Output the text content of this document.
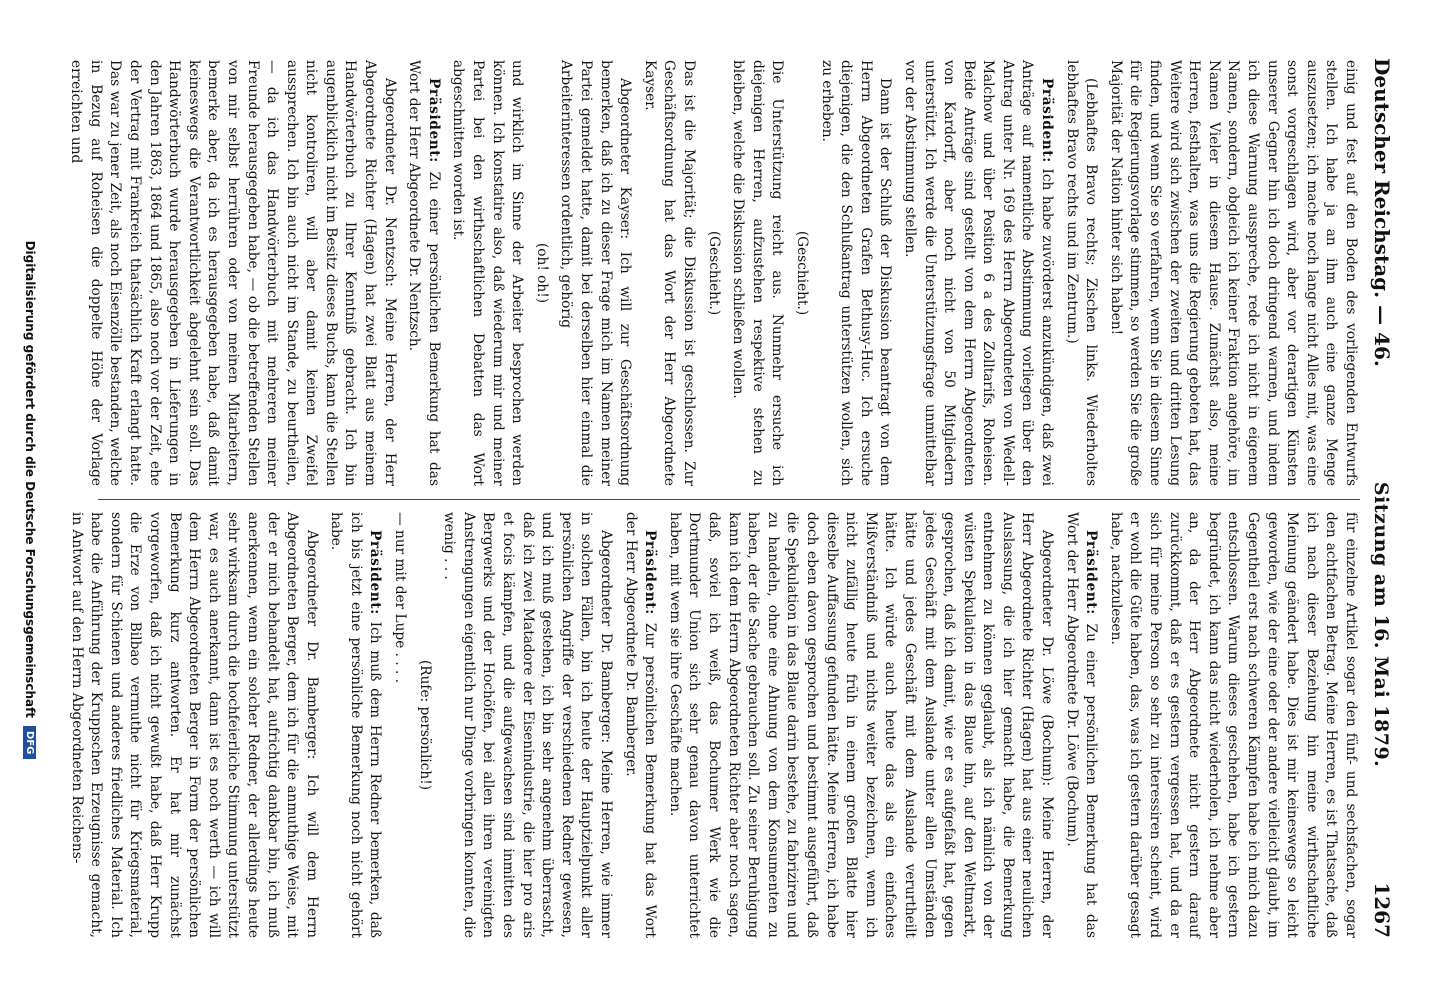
Deutscher Reichstag. — 46.
Sitzung am 16. Mai 1879.
1267

einig und fest auf den Boden des vorliegenden Entwurfs stellen. Ich habe ja an ihm auch eine ganze Menge auszusetzen; ich mache noch lange nicht Alles mit, was eine sonst vorgeschlagen wird, aber vor derartigen Künsten unserer Gegner hin ich doch dringend warnen, und indem ich diese Warnung ausspreche, rede ich nicht in eigenem Namen, sondern, obgleich ich keiner Fraktion angehöre, im Namen Vieler in diesem Hause. Zunächst also, meine Herren, festhalten, was uns die Regierung geboten hat, das Weitere wird sich zwischen der zweiten und dritten Lesung finden, und wenn Sie so verfahren, wenn Sie in diesem Sinne für die Regierungsvorlage stimmen, so werden Sie die große Majorität der Nation hinter sich haben!

(Lebhaftes Bravo rechts; Zischen links. Wiederholtes lebhaftes Bravo rechts und im Zentrum.)

Präsident: Ich habe zuvörderst anzukündigen, daß zwei Anträge auf namentliche Abstimmung vorliegen über den Antrag unter Nr. 169 des Herrn Abgeordneten von Wedell-Malchow und über Position 6 a des Zolltarifs, Roheisen. Beide Anträge sind gestellt von dem Herrn Abgeordneten von Kardorff, aber noch nicht von 50 Mitgliedern unterstützt. Ich werde die Unterstützungsfrage unmittelbar vor der Abstimmung stellen.

Dann ist der Schluß der Diskussion beantragt von dem Herrn Abgeordneten Grafen Bethusy-Huc. Ich ersuche diejenigen, die den Schlußantrag unterstützen wollen, sich zu erheben.

(Geschieht.)

Die Unterstützung reicht aus. Nunmehr ersuche ich diejenigen Herren, aufzustehen respektive stehen zu bleiben, welche die Diskussion schließen wollen.

(Geschieht.)

Das ist die Majorität; die Diskussion ist geschlossen. Zur Geschäftsordnung hat das Wort der Herr Abgeordnete Kayser.

Abgeordneter Kayser: Ich will zur Geschäftsordnung bemerken, daß ich zu dieser Frage mich im Namen meiner Partei gemeldet hatte, damit bei derselben hier einmal die Arbeiterinteressen ordentlich, gehörig

(oh! oh!)

und wirklich im Sinne der Arbeiter besprochen werden können. Ich konstatire also, daß wiederum mir und meiner Partei bei den wirthschaftlichen Debatten das Wort abgeschnitten worden ist.

Präsident: Zu einer persönlichen Bemerkung hat das Wort der Herr Abgeordnete Dr. Nentzsch.

Abgeordneter Dr. Nentzsch: Meine Herren, der Herr Abgeordnete Richter (Hagen) hat zwei Blatt aus meinem Handwörterbuch zu Ihrer Kenntniß gebracht. Ich bin augenblicklich nicht im Besitz dieses Buchs, kann die Stellen nicht kontroliren, will aber damit keinen Zweifel aussprechen. Ich bin auch nicht im Stande, zu beurtheilen, — da ich das Handwörterbuch mit mehreren meiner Freunde herausgegeben habe, — ob die betreffenden Stellen von mir selbst herrühren oder von meinen Mitarbeitern, bemerke aber, da ich es herausgegeben habe, daß damit keineswegs die Verantwortlichkeit abgelehnt sein soll. Das Handwörterbuch wurde herausgegeben in Lieferungen in den Jahren 1863, 1864 und 1865, also noch vor der Zeit, ehe der Vertrag mit Frankreich thatsächlich Kraft erlangt hatte. Das war zu jener Zeit, als noch Eisenzölle bestanden, welche in Bezug auf Roheisen die doppelte Höhe der Vorlage erreichten und

für einzelne Artikel sogar den fünf- und sechsfachen, sogar den achtfachen Betrag. Meine Herren, es ist Thatsache, daß ich nach dieser Beziehung hin meine wirthschaftliche Meinung geändert habe. Dies ist mir keineswegs so leicht geworden, wie der eine oder der andere vielleicht glaubt, im Gegentheil erst nach schweren Kämpfen habe ich mich dazu entschlossen. Warum dieses geschehen, habe ich gestern begründet, ich kann das nicht wiederholen, ich nehme aber an, da der Herr Abgeordnete nicht gestern darauf zurückkommt, daß er es gestern vergessen hat, und da er sich für meine Person so sehr zu interessiren scheint, wird er wohl die Güte haben, das, was ich gestern darüber gesagt habe, nachzulesen.

Präsident: Zu einer persönlichen Bemerkung hat das Wort der Herr Abgeordnete Dr. Löwe (Bochum).

Abgeordneter Dr. Löwe (Bochum): Meine Herren, der Herr Abgeordnete Richter (Hagen) hat aus einer neulichen Auslassung, die ich hier gemacht habe, die Bemerkung entnehmen zu können geglaubt, als ich nämlich von der wüsten Spekulation in das Blaue hin, auf den Weltmarkt, gesprochen, daß ich damit, wie er es aufgefaßt hat, gegen jedes Geschäft mit dem Auslande unter allen Umständen hätte und jedes Geschäft mit dem Auslande verurtheilt hätte. Ich würde auch heute das als ein einfaches Mißverständniß und nichts weiter bezeichnen, wenn ich nicht zufällig heute früh in einem großen Blatte hier dieselbe Auffassung gefunden hätte. Meine Herren, ich habe doch eben davon gesprochen und bestimmt ausgeführt, daß die Spekulation in das Blaue darin bestehe, zu fabriziren und zu handeln, ohne eine Ahnung von dem Konsumenten zu haben, der die Sache gebrauchen soll. Zu seiner Beruhigung kann ich dem Herrn Abgeordneten Richter aber noch sagen, daß, soviel ich weiß, das Bochumer Werk wie die Dortmunder Union sich sehr genau davon unterrichtet haben, mit wem sie ihre Geschäfte machen.

Präsident: Zur persönlichen Bemerkung hat das Wort der Herr Abgeordnete Dr. Bamberger.

Abgeordneter Dr. Bamberger: Meine Herren, wie immer in solchen Fällen, bin ich heute der Hauptzielpunkt aller persönlichen Angriffe der verschiedenen Redner gewesen, und ich muß gestehen, ich bin sehr angenehm überrascht, daß ich zwei Matadore der Eisenindustrie, die hier pro aris et focis kämpfen, und die aufgewachsen sind inmitten des Bergwerks und der Hochöfen, bei allen ihren vereinigten Anstrengungen eigentlich nur Dinge vorbringen konnten, die wenig . . .

(Rufe: persönlich!)

— nur mit der Lupe . . . .

Präsident: Ich muß dem Herrn Redner bemerken, daß ich bis jetzt eine persönliche Bemerkung noch nicht gehört habe.

Abgeordneter Dr. Bamberger: Ich will dem Herrn Abgeordneten Berger, dem ich für die anmuthige Weise, mit der er mich behandelt hat, aufrichtig dankbar bin, ich muß anerkennen, wenn ein solcher Redner, der allerdings heute sehr wirksam durch die hochfeierliche Stimmung unterstützt war, es auch anerkannt, dann ist es noch werth — ich will dem Herrn Abgeordneten Berger in Form der persönlichen Bemerkung kurz antworten. Er hat mir zunächst vorgeworfen, daß ich nicht gewußt habe, daß Herr Krupp die Erze von Bilbao vermuthe nicht für Kriegsmaterial, sondern für Schienen und anderes friedliches Material. Ich habe die Anführung der Kruppschen Erzeugnisse gemacht, in Antwort auf den Herrn Abgeordneten Reichens-

Digitalisierung gefördert durch die Deutsche Forschungsgemeinschaft
DFG
